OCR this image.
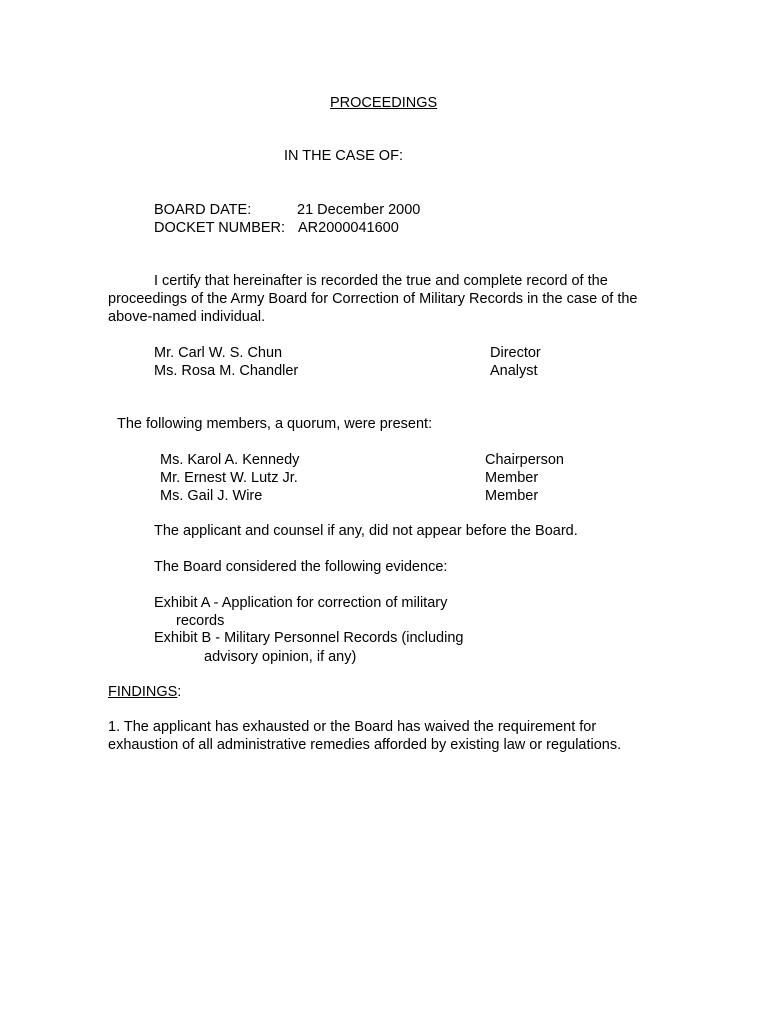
PROCEEDINGS
IN THE CASE OF:
BOARD DATE:	21 December 2000
DOCKET NUMBER: AR2000041600
I certify that hereinafter is recorded the true and complete record of the
proceedings of the Army Board for Correction of Military Records in the case of the
above-named individual.
Mr. Carl W. S. Chun	Director
Ms. Rosa M. Chandler	Analyst
The following members, a quorum, were present:
Ms. Karol A. Kennedy	Chairperson
Mr. Ernest W. Lutz Jr.	Member
Ms. Gail J. Wire	Member
The applicant and counsel if any, did not appear before the Board.
The Board considered the following evidence:
Exhibit A - Application for correction of military
records
Exhibit B - Military Personnel Records (including
advisory opinion, if any)
FINDINGS:
1. The applicant has exhausted or the Board has waived the requirement for
exhaustion of all administrative remedies afforded by existing law or regulations.
